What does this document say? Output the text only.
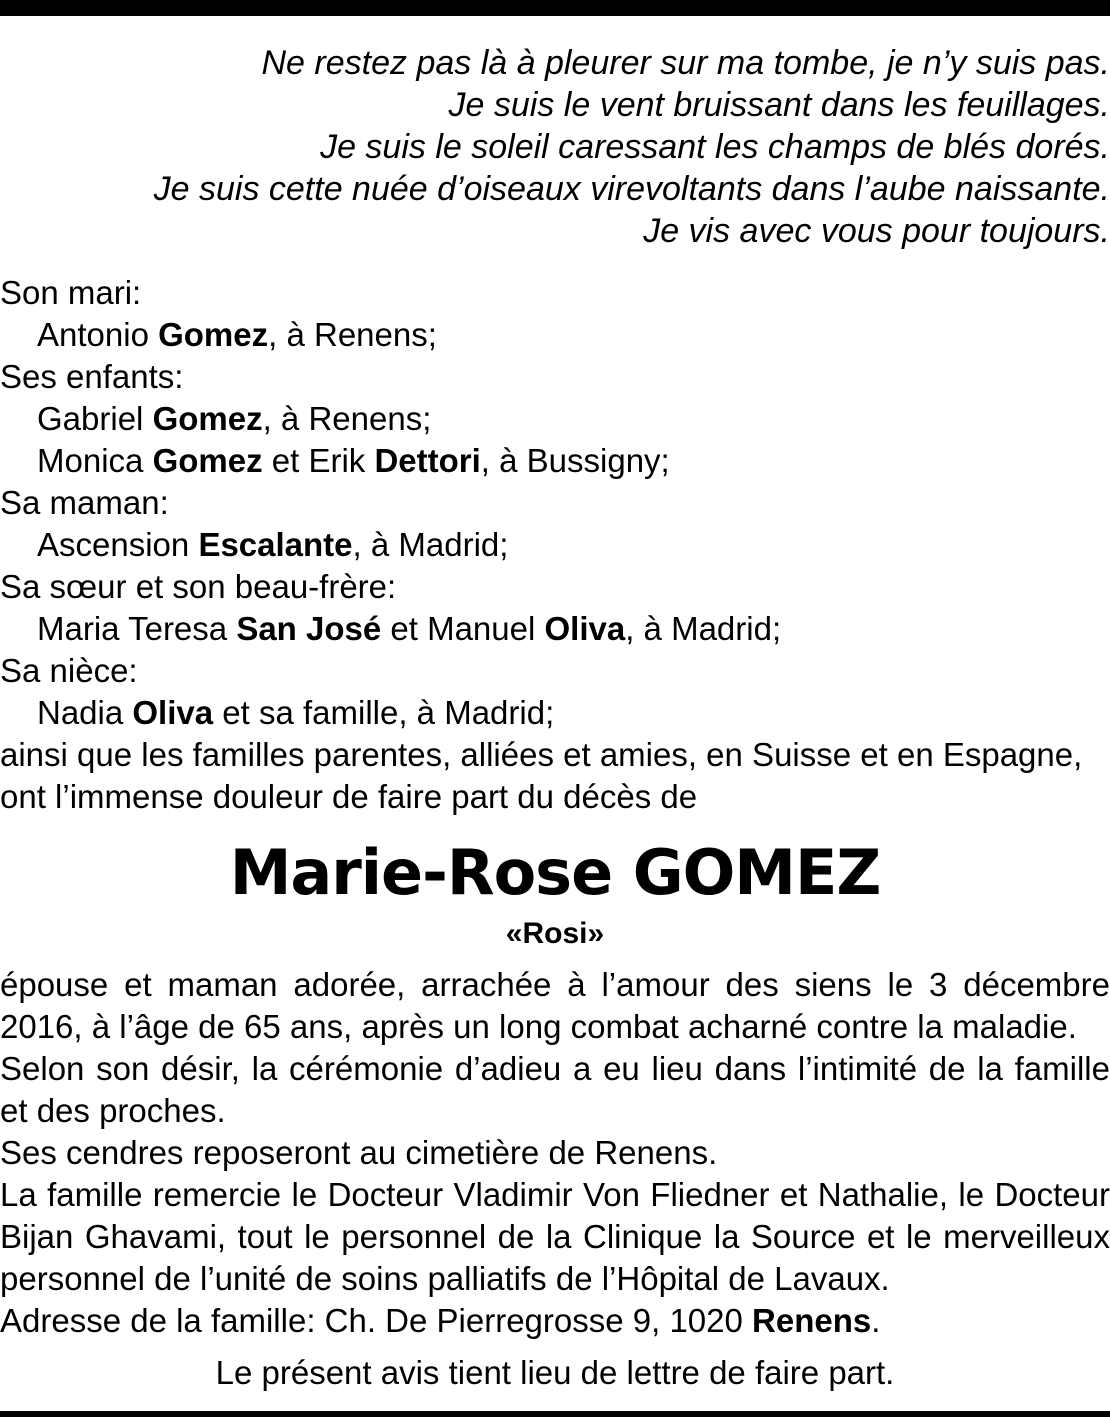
Ne restez pas là à pleurer sur ma tombe, je n’y suis pas.
Je suis le vent bruissant dans les feuillages.
Je suis le soleil caressant les champs de blés dorés.
Je suis cette nuée d’oiseaux virevoltants dans l’aube naissante.
Je vis avec vous pour toujours.
Son mari:
Antonio Gomez, à Renens;
Ses enfants:
Gabriel Gomez, à Renens;
Monica Gomez et Erik Dettori, à Bussigny;
Sa maman:
Ascension Escalante, à Madrid;
Sa sœur et son beau-frère:
Maria Teresa San José et Manuel Oliva, à Madrid;
Sa nièce:
Nadia Oliva et sa famille, à Madrid;
ainsi que les familles parentes, alliées et amies, en Suisse et en Espagne,
ont l’immense douleur de faire part du décès de
Marie-Rose GOMEZ
«Rosi»

épouse et maman adorée, arrachée à l’amour des siens le 3 décembre 2016, à l’âge de 65 ans, après un long combat acharné contre la maladie.

Selon son désir, la cérémonie d’adieu a eu lieu dans l’intimité de la famille et des proches.

Ses cendres reposeront au cimetière de Renens.

La famille remercie le Docteur Vladimir Von Fliedner et Nathalie, le Docteur Bijan Ghavami, tout le personnel de la Clinique la Source et le merveilleux personnel de l’unité de soins palliatifs de l’Hôpital de Lavaux.

Adresse de la famille: Ch. De Pierregrosse 9, 1020 Renens.

Le présent avis tient lieu de lettre de faire part.
